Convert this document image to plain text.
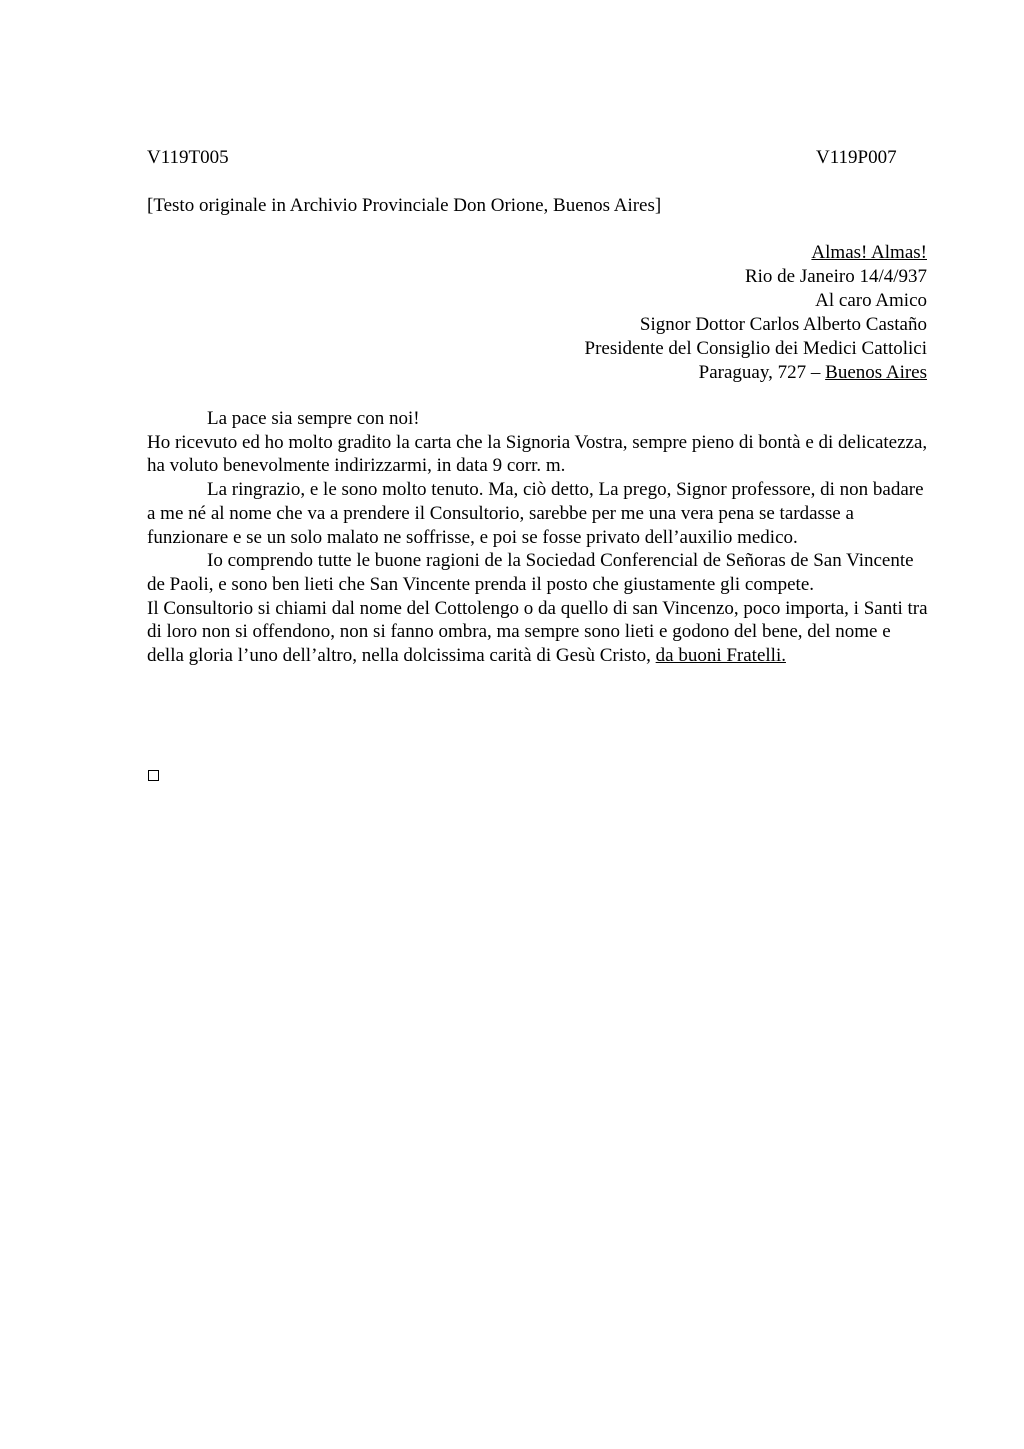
V119T005	V119P007
[Testo originale in Archivio Provinciale Don Orione, Buenos Aires]
Almas! Almas!
Rio de Janeiro 14/4/937
Al caro Amico
Signor Dottor Carlos Alberto Castaño
Presidente del Consiglio dei Medici Cattolici
Paraguay, 727 – Buenos Aires

La pace sia sempre con noi!

Ho ricevuto ed ho molto gradito la carta che la Signoria Vostra, sempre pieno di bontà e di delicatezza, ha voluto benevolmente indirizzarmi, in data 9 corr. m.

La ringrazio, e le sono molto tenuto. Ma, ciò detto, La prego, Signor professore, di non badare a me né al nome che va a prendere il Consultorio, sarebbe per me una vera pena se tardasse a funzionare e se un solo malato ne soffrisse, e poi se fosse privato dell’auxilio medico.

Io comprendo tutte le buone ragioni de la Sociedad Conferencial de Señoras de San Vincente de Paoli, e sono ben lieti che San Vincente prenda il posto che giustamente gli compete.

Il Consultorio si chiami dal nome del Cottolengo o da quello di san Vincenzo, poco importa, i Santi tra di loro non si offendono, non si fanno ombra, ma sempre sono lieti e godono del bene, del nome e della gloria l’uno dell’altro, nella dolcissima carità di Gesù Cristo, da buoni Fratelli.
